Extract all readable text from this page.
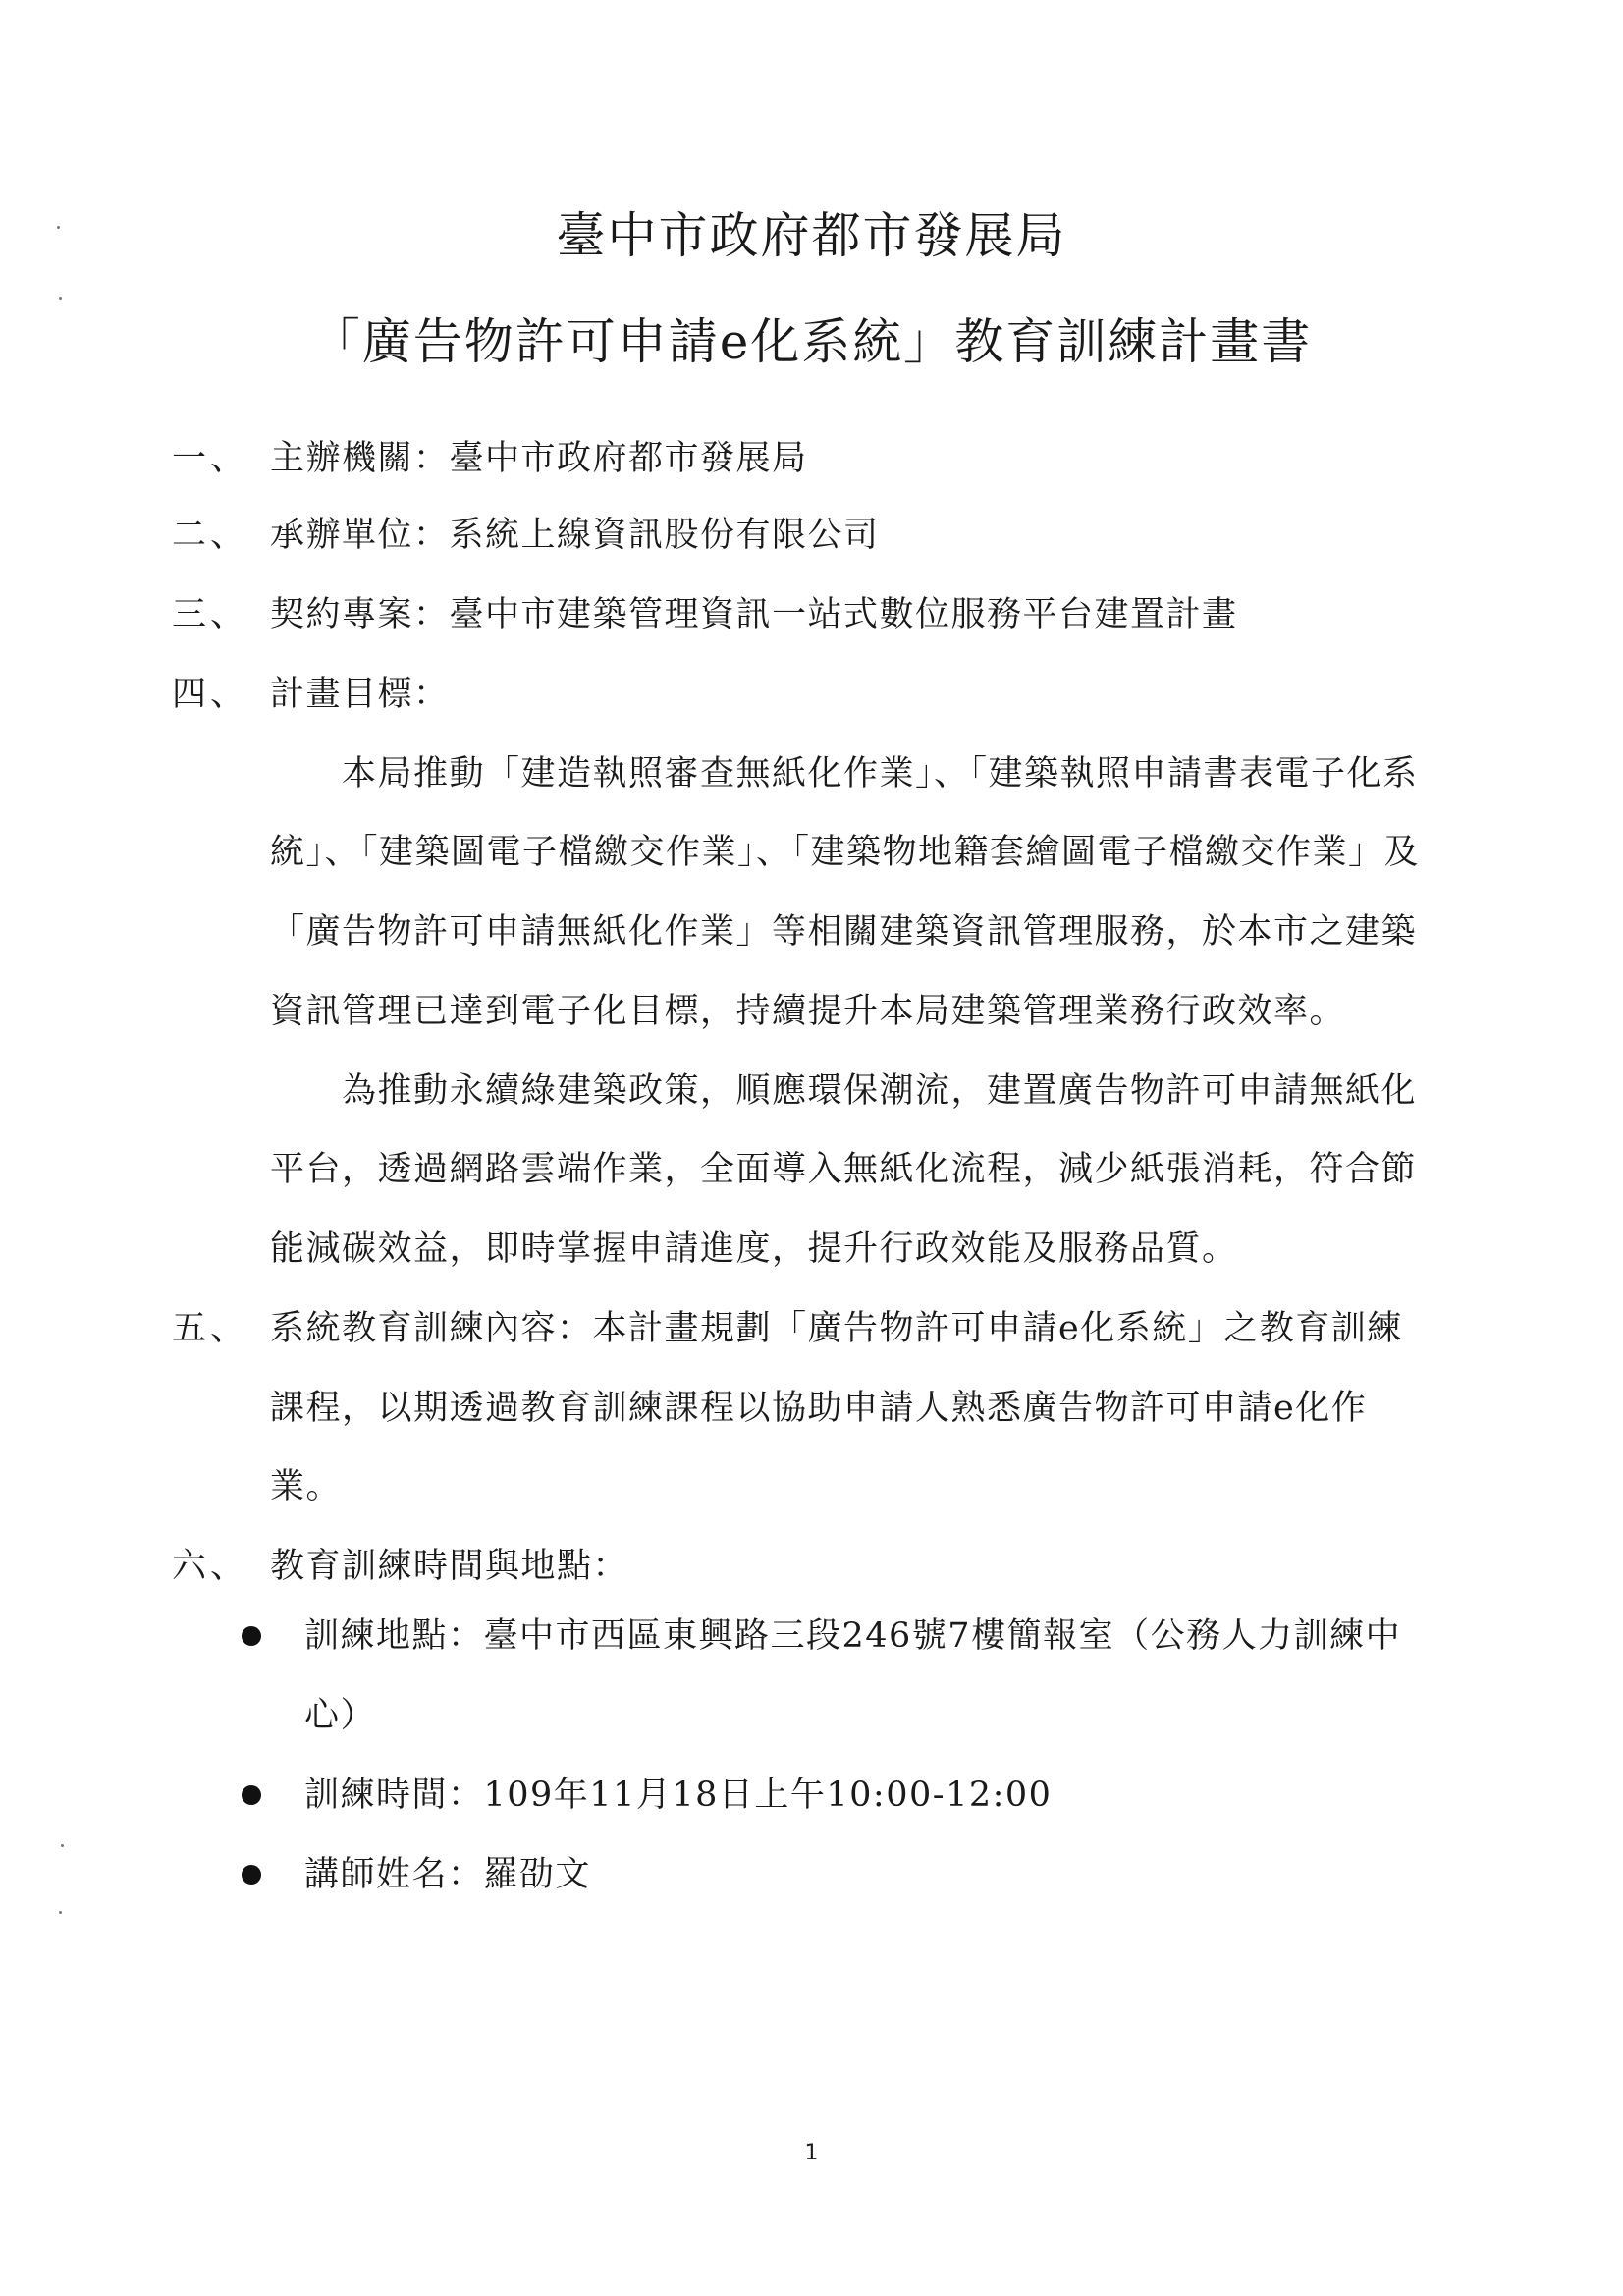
臺中市政府都市發展局
「廣告物許可申請e化系統」教育訓練計畫書
一、 主辦機關：臺中市政府都市發展局
二、 承辦單位：系統上線資訊股份有限公司
三、 契約專案：臺中市建築管理資訊一站式數位服務平台建置計畫
四、 計畫目標：
　　本局推動「建造執照審查無紙化作業」、「建築執照申請書表電子化系
統」、「建築圖電子檔繳交作業」、「建築物地籍套繪圖電子檔繳交作業」及
「廣告物許可申請無紙化作業」等相關建築資訊管理服務，於本市之建築
資訊管理已達到電子化目標，持續提升本局建築管理業務行政效率。
　　為推動永續綠建築政策，順應環保潮流，建置廣告物許可申請無紙化
平台，透過網路雲端作業，全面導入無紙化流程，減少紙張消耗，符合節
能減碳效益，即時掌握申請進度，提升行政效能及服務品質。
五、 系統教育訓練內容：本計畫規劃「廣告物許可申請e化系統」之教育訓練
課程，以期透過教育訓練課程以協助申請人熟悉廣告物許可申請e化作
業。
六、 教育訓練時間與地點：
訓練地點：臺中市西區東興路三段246號7樓簡報室（公務人力訓練中
心）
訓練時間：109年11月18日上午10:00-12:00
講師姓名：羅劭文
1
